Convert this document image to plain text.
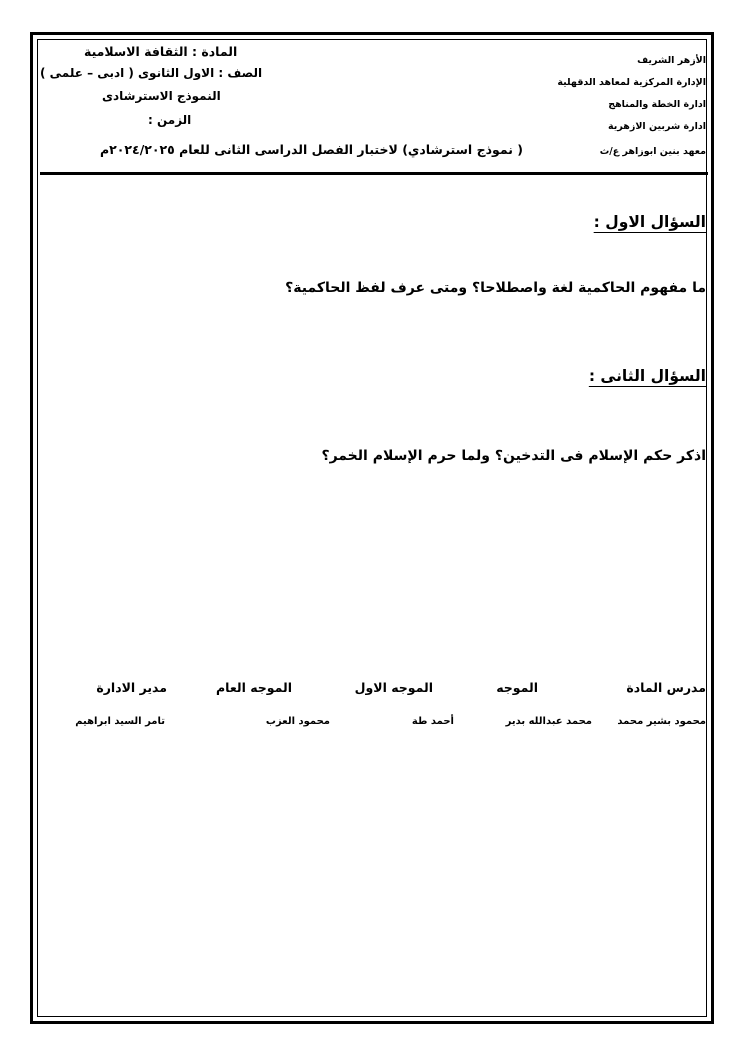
الأزهر الشريف
الإدارة المركزية لمعاهد الدقهلية
ادارة الخطة والمناهج
ادارة شربين الازهرية
معهد بنين ابوزاهر ع/ث
المادة : الثقافة الاسلامية
الصف : الاول الثانوى ( ادبى – علمى )
النموذج الاسترشادى
الزمن :
( نموذج استرشادي) لاختبار الفصل الدراسى الثانى للعام ٢٠٢٤/٢٠٢٥م
السؤال الاول :
ما مفهوم الحاكمية لغة واصطلاحا؟ ومتى عرف لفظ الحاكمية؟
السؤال الثانى :
اذكر حكم الإسلام فى التدخين؟ ولما حرم الإسلام الخمر؟
مدرس المادة
الموجه
الموجه الاول
الموجه العام
مدير الادارة
محمود بشير محمد
محمد عبدالله بدير
أحمد طة
محمود العزب
تامر السيد ابراهيم
